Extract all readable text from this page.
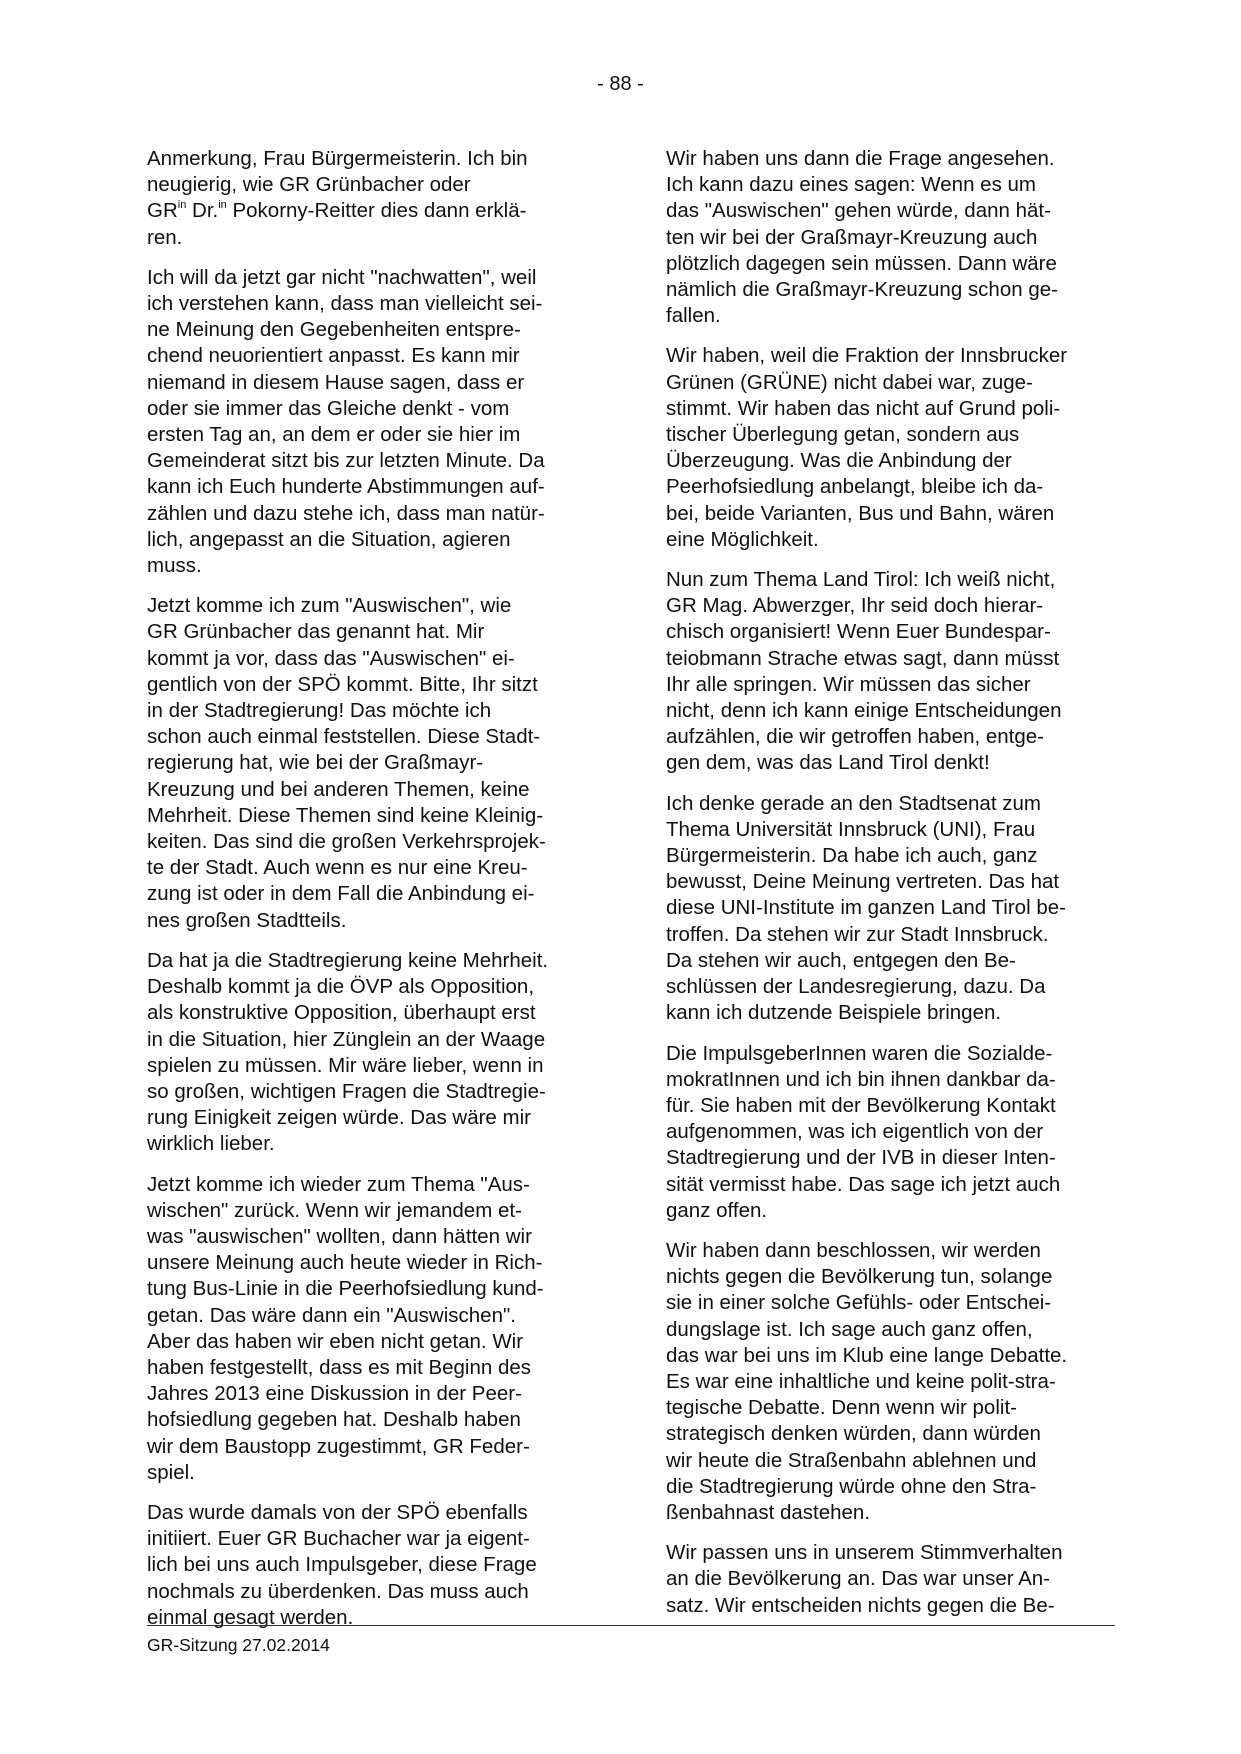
- 88 -

Anmerkung, Frau Bürgermeisterin. Ich bin
neugierig, wie GR Grünbacher oder
$GR^{in}$ Dr.$^{in}$ Pokorny-Reitter dies dann erklä-
ren.

Ich will da jetzt gar nicht "nachwatten", weil
ich verstehen kann, dass man vielleicht sei-
ne Meinung den Gegebenheiten entspre-
chend neuorientiert anpasst. Es kann mir
niemand in diesem Hause sagen, dass er
oder sie immer das Gleiche denkt - vom
ersten Tag an, an dem er oder sie hier im
Gemeinderat sitzt bis zur letzten Minute. Da
kann ich Euch hunderte Abstimmungen auf-
zählen und dazu stehe ich, dass man natür-
lich, angepasst an die Situation, agieren
muss.

Jetzt komme ich zum "Auswischen", wie
GR Grünbacher das genannt hat. Mir
kommt ja vor, dass das "Auswischen" ei-
gentlich von der SPÖ kommt. Bitte, Ihr sitzt
in der Stadtregierung! Das möchte ich
schon auch einmal feststellen. Diese Stadt-
regierung hat, wie bei der Graßmayr-
Kreuzung und bei anderen Themen, keine
Mehrheit. Diese Themen sind keine Kleinig-
keiten. Das sind die großen Verkehrsprojek-
te der Stadt. Auch wenn es nur eine Kreu-
zung ist oder in dem Fall die Anbindung ei-
nes großen Stadtteils.

Da hat ja die Stadtregierung keine Mehrheit.
Deshalb kommt ja die ÖVP als Opposition,
als konstruktive Opposition, überhaupt erst
in die Situation, hier Zünglein an der Waage
spielen zu müssen. Mir wäre lieber, wenn in
so großen, wichtigen Fragen die Stadtregie-
rung Einigkeit zeigen würde. Das wäre mir
wirklich lieber.

Jetzt komme ich wieder zum Thema "Aus-
wischen" zurück. Wenn wir jemandem et-
was "auswischen" wollten, dann hätten wir
unsere Meinung auch heute wieder in Rich-
tung Bus-Linie in die Peerhofsiedlung kund-
getan. Das wäre dann ein "Auswischen".
Aber das haben wir eben nicht getan. Wir
haben festgestellt, dass es mit Beginn des
Jahres 2013 eine Diskussion in der Peer-
hofsiedlung gegeben hat. Deshalb haben
wir dem Baustopp zugestimmt, GR Feder-
spiel.

Das wurde damals von der SPÖ ebenfalls
initiiert. Euer GR Buchacher war ja eigent-
lich bei uns auch Impulsgeber, diese Frage
nochmals zu überdenken. Das muss auch
einmal gesagt werden.

Wir haben uns dann die Frage angesehen.
Ich kann dazu eines sagen: Wenn es um
das "Auswischen" gehen würde, dann hät-
ten wir bei der Graßmayr-Kreuzung auch
plötzlich dagegen sein müssen. Dann wäre
nämlich die Graßmayr-Kreuzung schon ge-
fallen.

Wir haben, weil die Fraktion der Innsbrucker
Grünen (GRÜNE) nicht dabei war, zuge-
stimmt. Wir haben das nicht auf Grund poli-
tischer Überlegung getan, sondern aus
Überzeugung. Was die Anbindung der
Peerhofsiedlung anbelangt, bleibe ich da-
bei, beide Varianten, Bus und Bahn, wären
eine Möglichkeit.

Nun zum Thema Land Tirol: Ich weiß nicht,
GR Mag. Abwerzger, Ihr seid doch hierar-
chisch organisiert! Wenn Euer Bundespar-
teiobmann Strache etwas sagt, dann müsst
Ihr alle springen. Wir müssen das sicher
nicht, denn ich kann einige Entscheidungen
aufzählen, die wir getroffen haben, entge-
gen dem, was das Land Tirol denkt!

Ich denke gerade an den Stadtsenat zum
Thema Universität Innsbruck (UNI), Frau
Bürgermeisterin. Da habe ich auch, ganz
bewusst, Deine Meinung vertreten. Das hat
diese UNI-Institute im ganzen Land Tirol be-
troffen. Da stehen wir zur Stadt Innsbruck.
Da stehen wir auch, entgegen den Be-
schlüssen der Landesregierung, dazu. Da
kann ich dutzende Beispiele bringen.

Die ImpulsgeberInnen waren die Sozialde-
mokratInnen und ich bin ihnen dankbar da-
für. Sie haben mit der Bevölkerung Kontakt
aufgenommen, was ich eigentlich von der
Stadtregierung und der IVB in dieser Inten-
sität vermisst habe. Das sage ich jetzt auch
ganz offen.

Wir haben dann beschlossen, wir werden
nichts gegen die Bevölkerung tun, solange
sie in einer solche Gefühls- oder Entschei-
dungslage ist. Ich sage auch ganz offen,
das war bei uns im Klub eine lange Debatte.
Es war eine inhaltliche und keine polit-stra-
tegische Debatte. Denn wenn wir polit-
strategisch denken würden, dann würden
wir heute die Straßenbahn ablehnen und
die Stadtregierung würde ohne den Stra-
ßenbahnast dastehen.

Wir passen uns in unserem Stimmverhalten
an die Bevölkerung an. Das war unser An-
satz. Wir entscheiden nichts gegen die Be-

GR-Sitzung 27.02.2014
